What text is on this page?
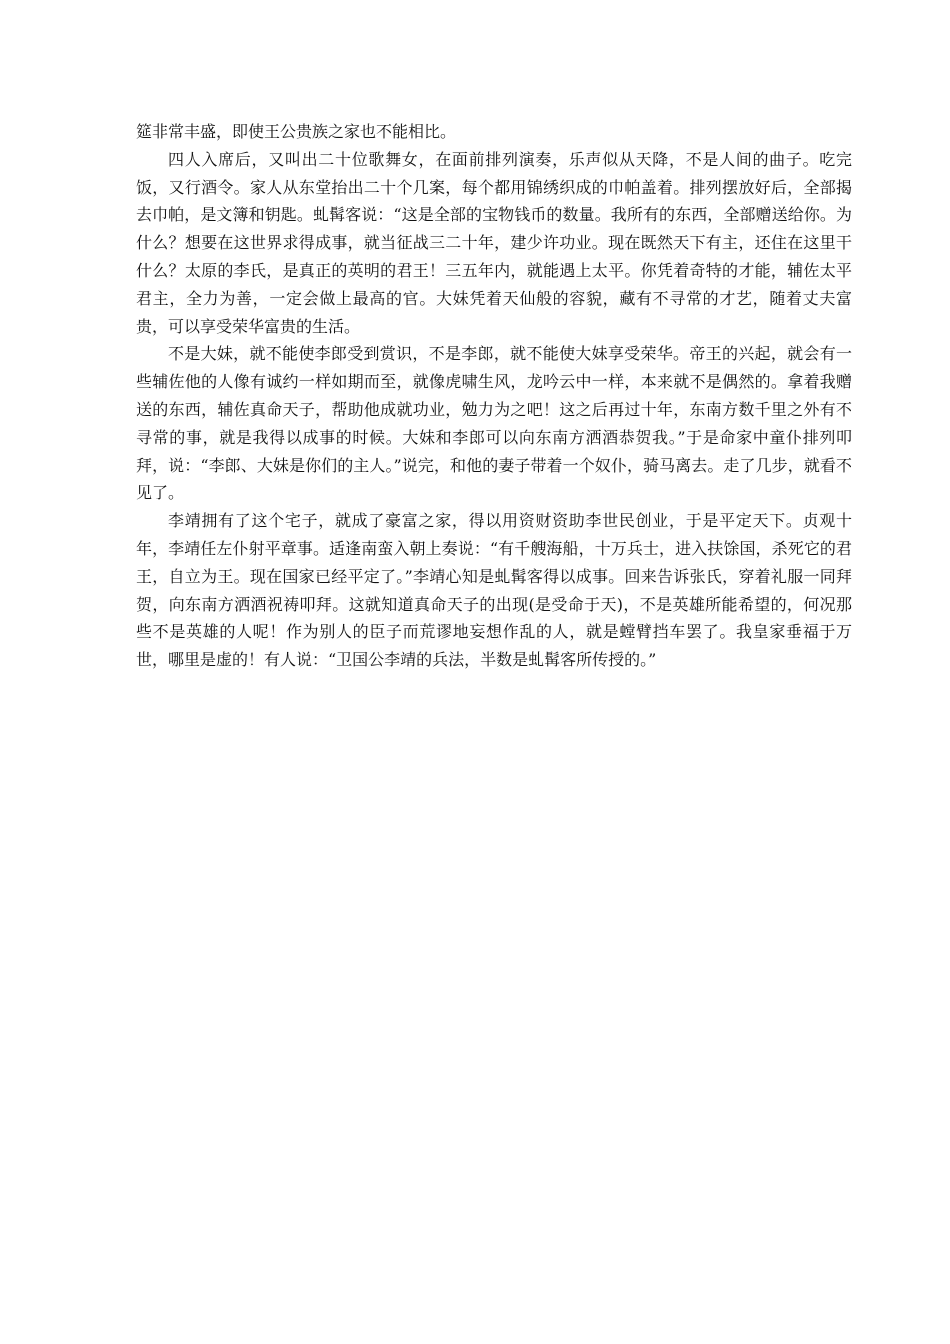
筵非常丰盛，即使王公贵族之家也不能相比。

四人入席后，又叫出二十位歌舞女，在面前排列演奏，乐声似从天降，不是人间的曲子。吃完饭，又行酒令。家人从东堂抬出二十个几案，每个都用锦绣织成的巾帕盖着。排列摆放好后，全部揭去巾帕，是文簿和钥匙。虬髯客说：“这是全部的宝物钱币的数量。我所有的东西，全部赠送给你。为什么？想要在这世界求得成事，就当征战三二十年，建少许功业。现在既然天下有主，还住在这里干什么？太原的李氏，是真正的英明的君王！三五年内，就能遇上太平。你凭着奇特的才能，辅佐太平君主，全力为善，一定会做上最高的官。大妹凭着天仙般的容貌，藏有不寻常的才艺，随着丈夫富贵，可以享受荣华富贵的生活。

不是大妹，就不能使李郎受到赏识，不是李郎，就不能使大妹享受荣华。帝王的兴起，就会有一些辅佐他的人像有诚约一样如期而至，就像虎啸生风，龙吟云中一样，本来就不是偶然的。拿着我赠送的东西，辅佐真命天子，帮助他成就功业，勉力为之吧！这之后再过十年，东南方数千里之外有不寻常的事，就是我得以成事的时候。大妹和李郎可以向东南方洒酒恭贺我。”于是命家中童仆排列叩拜，说：“李郎、大妹是你们的主人。”说完，和他的妻子带着一个奴仆，骑马离去。走了几步，就看不见了。

李靖拥有了这个宅子，就成了豪富之家，得以用资财资助李世民创业，于是平定天下。贞观十年，李靖任左仆射平章事。适逢南蛮入朝上奏说：“有千艘海船，十万兵士，进入扶馀国，杀死它的君王，自立为王。现在国家已经平定了。”李靖心知是虬髯客得以成事。回来告诉张氏，穿着礼服一同拜贺，向东南方洒酒祝祷叩拜。这就知道真命天子的出现(是受命于天)，不是英雄所能希望的，何况那些不是英雄的人呢！作为别人的臣子而荒谬地妄想作乱的人，就是螳臂挡车罢了。我皇家垂福于万世，哪里是虚的！有人说：“卫国公李靖的兵法，半数是虬髯客所传授的。”
